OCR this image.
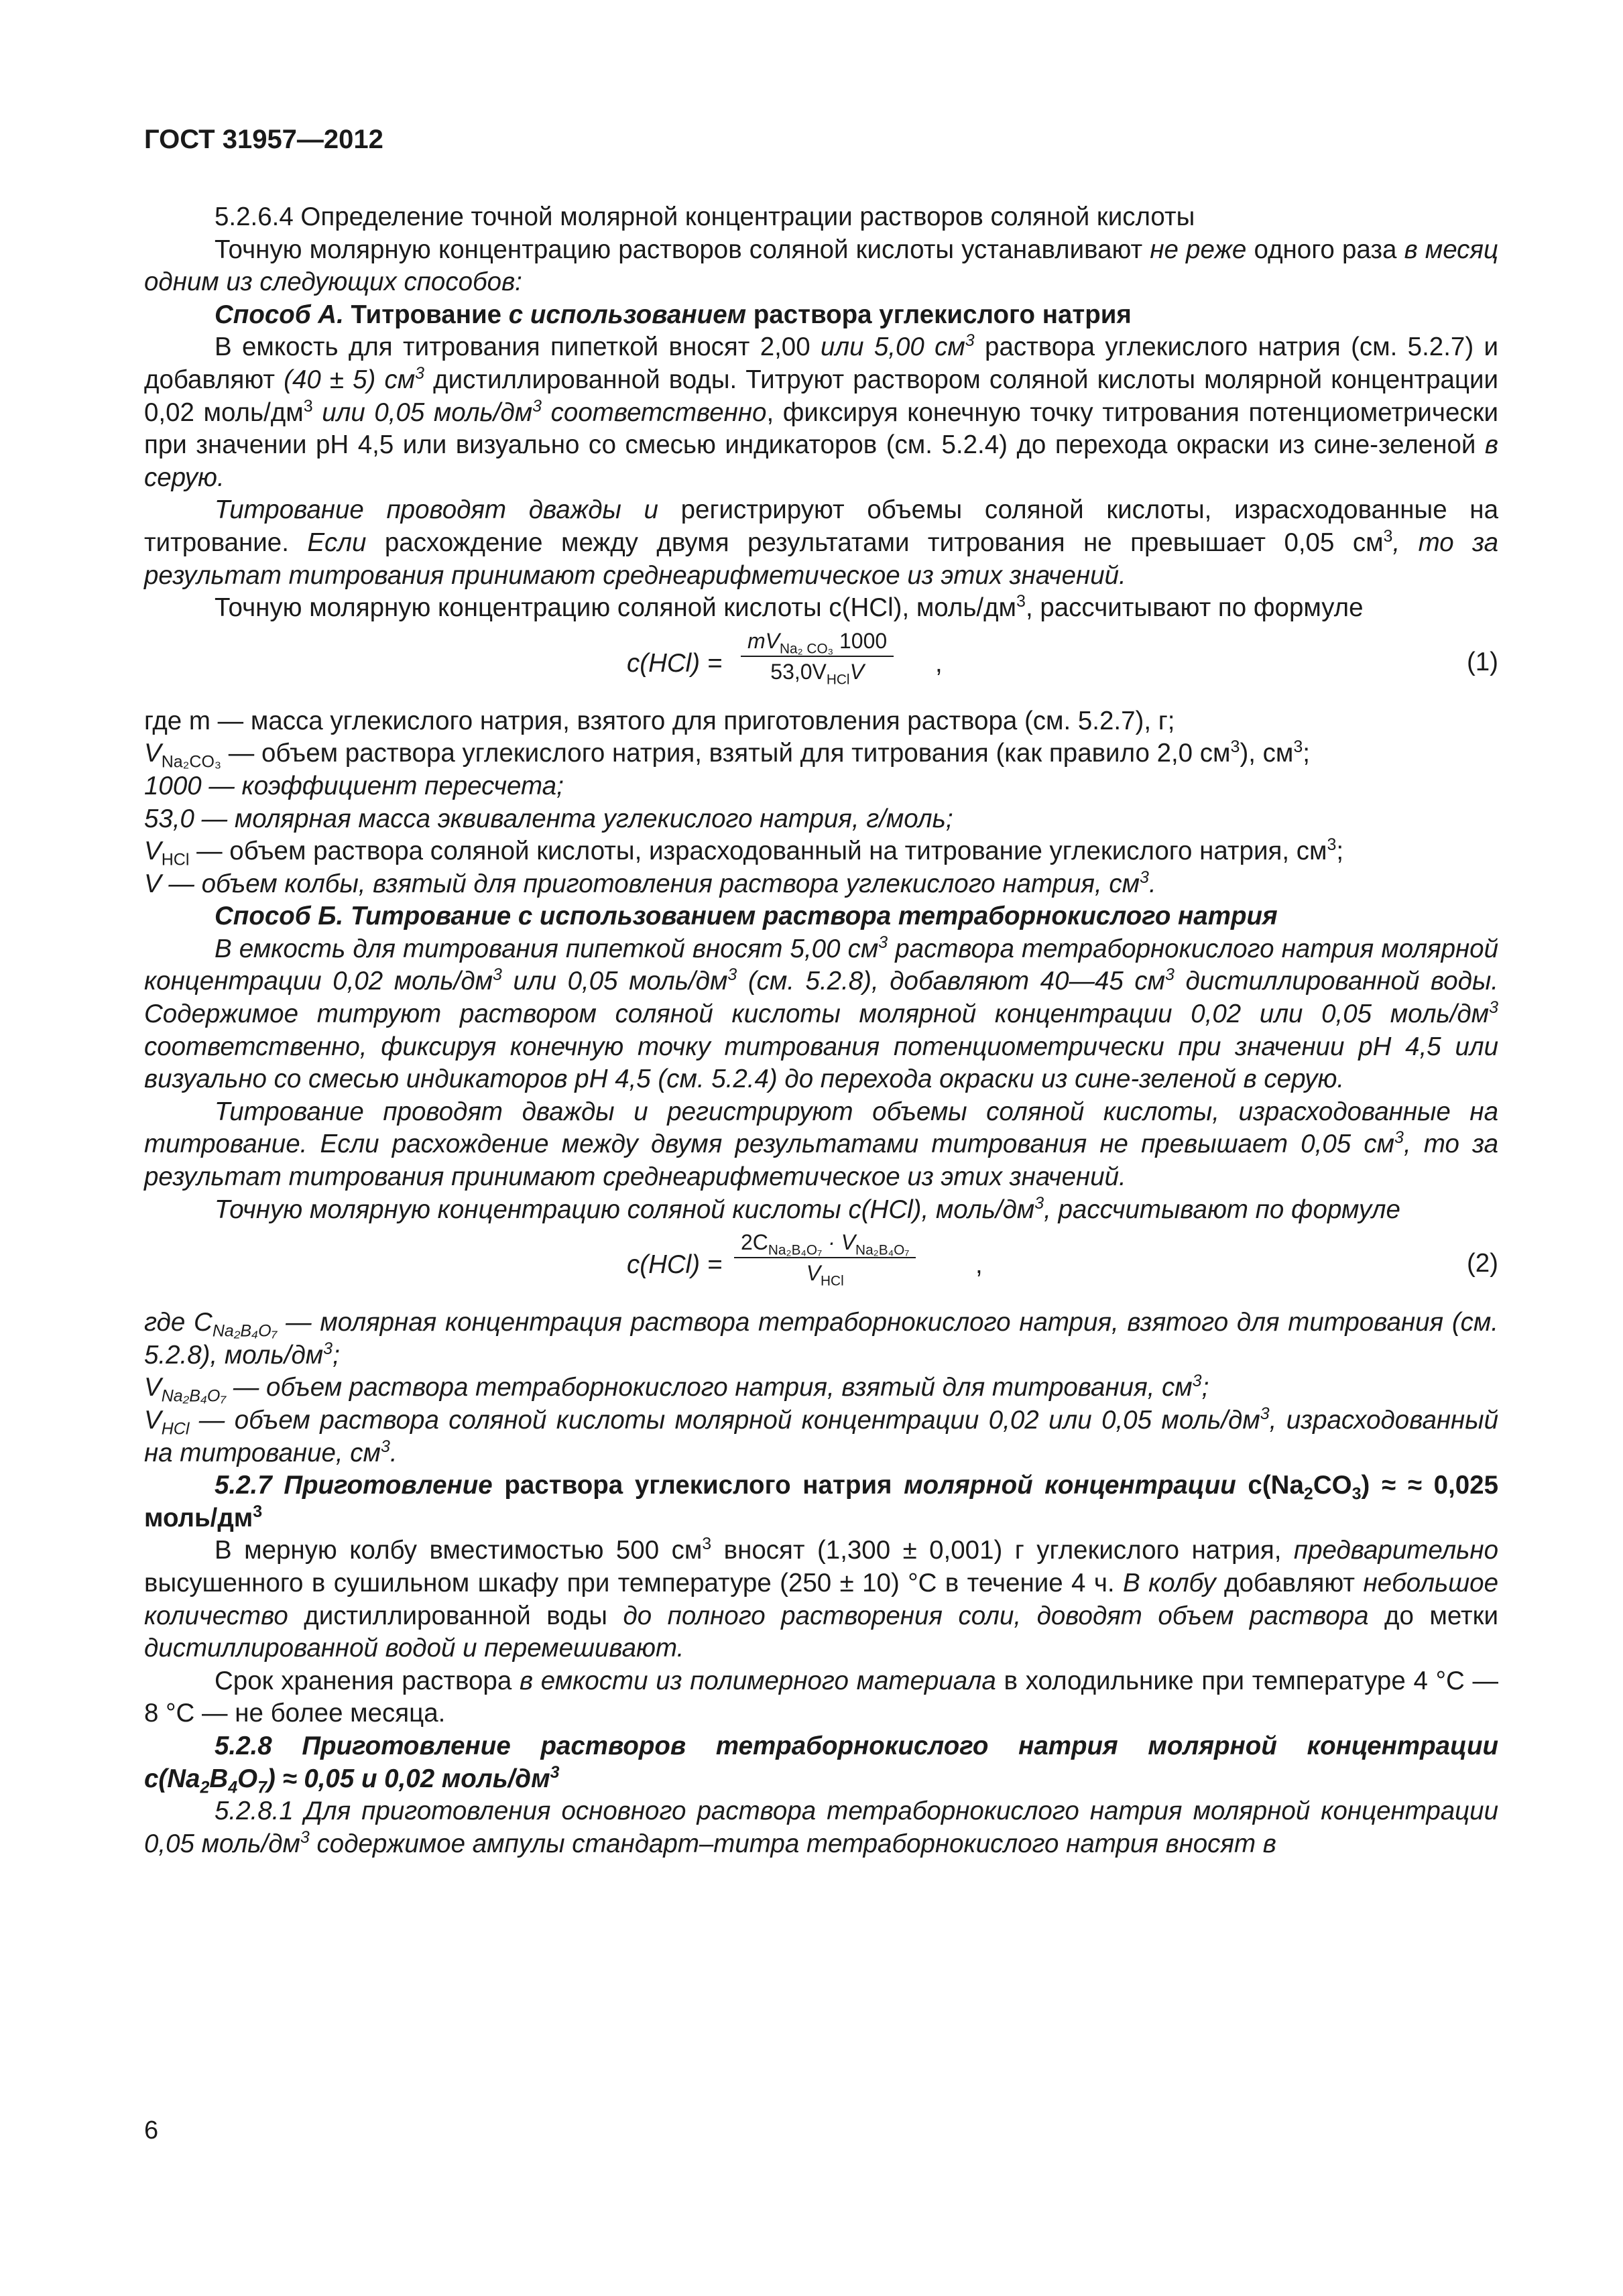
ГОСТ 31957—2012

5.2.6.4 Определение точной молярной концентрации растворов соляной кислоты

Точную молярную концентрацию растворов соляной кислоты устанавливают не реже одного раза в месяц одним из следующих способов:

Способ А. Титрование с использованием раствора углекислого натрия

В емкость для титрования пипеткой вносят 2,00 или 5,00 $см^3$ раствора углекислого натрия (см. 5.2.7) и добавляют (40 ± 5) $см^3$ дистиллированной воды. Титруют раствором соляной кислоты молярной концентрации 0,02 моль/$дм^3$ или 0,05 моль/$дм^3$ соответственно, фиксируя конечную точку титрования потенциометрически при значении рН 4,5 или визуально со смесью индикаторов (см. 5.2.4) до перехода окраски из сине-зеленой в серую.

Титрование проводят дважды и регистрируют объемы соляной кислоты, израсходованные на титрование. Если расхождение между двумя результатами титрования не превышает 0,05 $см^3$, то за результат титрования принимают среднеарифметическое из этих значений.

Точную молярную концентрацию соляной кислоты c(HCl), моль/$дм^3$, рассчитывают по формуле

c(HCl) =
$mV_{Na_2 CO_3}$ 1000
$53,0V_{HCl}V$	,	(1)

где m — масса углекислого натрия, взятого для приготовления раствора (см. 5.2.7), г;

$V_{Na_2CO_3}$ — объем раствора углекислого натрия, взятый для титрования (как правило 2,0 $см^3$), $см^3$;

1000 — коэффициент пересчета;

53,0 — молярная масса эквивалента углекислого натрия, г/моль;

$V_{HCl}$ — объем раствора соляной кислоты, израсходованный на титрование углекислого натрия, $см^3$;

V — объем колбы, взятый для приготовления раствора углекислого натрия, $см^3$.

Способ Б. Титрование с использованием раствора тетраборнокислого натрия

В емкость для титрования пипеткой вносят 5,00 $см^3$ раствора тетраборнокислого натрия молярной концентрации 0,02 моль/$дм^3$ или 0,05 моль/$дм^3$ (см. 5.2.8), добавляют 40—45 $см^3$ дистиллированной воды. Содержимое титруют раствором соляной кислоты молярной концентрации 0,02 или 0,05 моль/$дм^3$ соответственно, фиксируя конечную точку титрования потенциометрически при значении рН 4,5 или визуально со смесью индикаторов рН 4,5 (см. 5.2.4) до перехода окраски из сине-зеленой в серую.

Титрование проводят дважды и регистрируют объемы соляной кислоты, израсходованные на титрование. Если расхождение между двумя результатами титрования не превышает 0,05 $см^3$, то за результат титрования принимают среднеарифметическое из этих значений.

Точную молярную концентрацию соляной кислоты c(HCl), моль/$дм^3$, рассчитывают по формуле

c(HCl) =
$2C_{Na_2B_4O_7} \cdot V_{Na_2B_4O_7}$
$V_{HCl}$
,	(2)

где $C_{Na_2B_4O_7}$ — молярная концентрация раствора тетраборнокислого натрия, взятого для титрования (см. 5.2.8), моль/$дм^3$;

$V_{Na_2B_4O_7}$ — объем раствора тетраборнокислого натрия, взятый для титрования, $см^3$;

$V_{HCl}$ — объем раствора соляной кислоты молярной концентрации 0,02 или 0,05 моль/$дм^3$, израсходованный на титрование, $см^3$.

5.2.7 Приготовление раствора углекислого натрия молярной концентрации $c(Na_2CO_3)$ ≈ ≈ 0,025 моль/$дм^3$

В мерную колбу вместимостью 500 $см^3$ вносят (1,300 ± 0,001) г углекислого натрия, предварительно высушенного в сушильном шкафу при температуре (250 ± 10) °С в течение 4 ч. В колбу добавляют небольшое количество дистиллированной воды до полного растворения соли, доводят объем раствора до метки дистиллированной водой и перемешивают.

Срок хранения раствора в емкости из полимерного материала в холодильнике при температуре 4 °С —8 °С — не более месяца.

5.2.8 Приготовление растворов тетраборнокислого натрия молярной концентрации $c(Na_2B_4O_7) \approx 0,05$ и 0,02 моль/$дм^3$

5.2.8.1 Для приготовления основного раствора тетраборнокислого натрия молярной концентрации 0,05 моль/$дм^3$ содержимое ампулы стандарт–титра тетраборнокислого натрия вносят в

6
